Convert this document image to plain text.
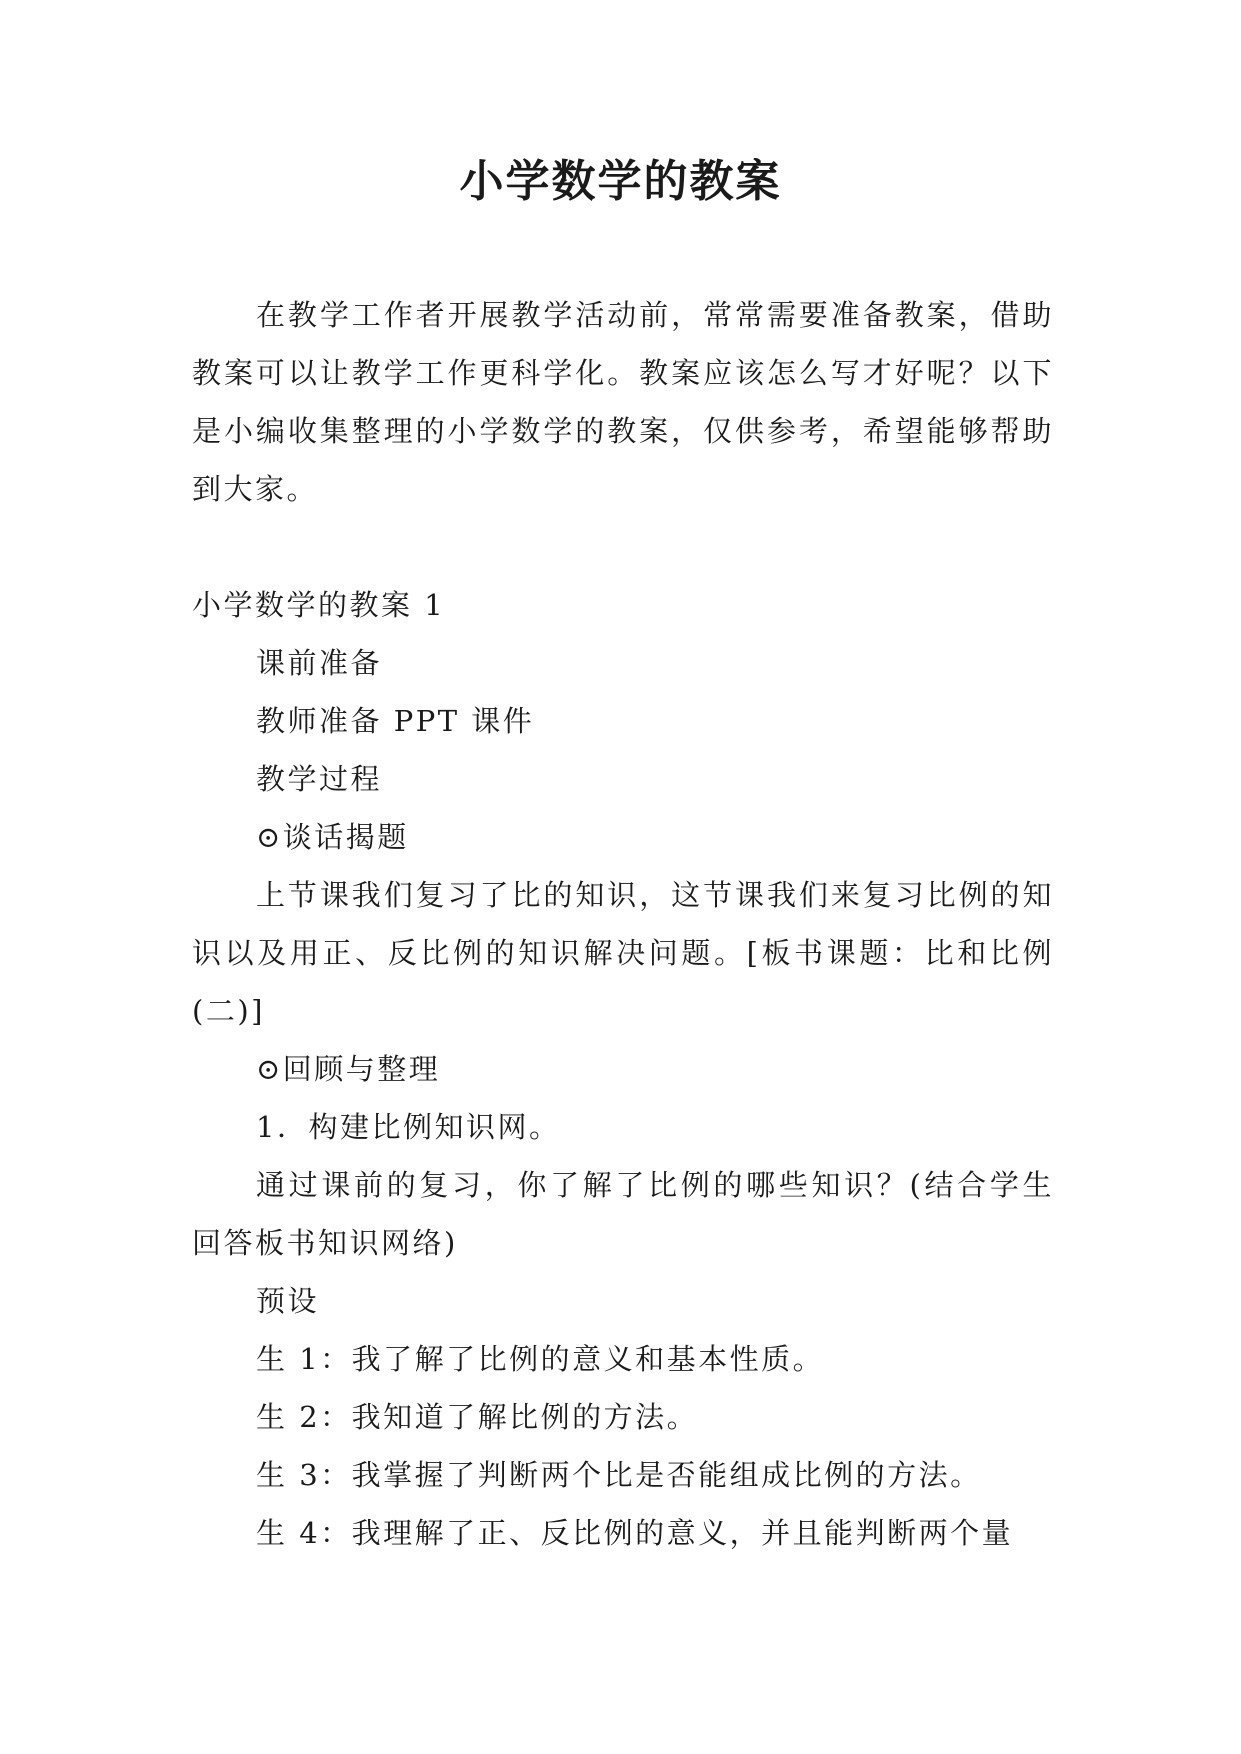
小学数学的教案

在教学工作者开展教学活动前，常常需要准备教案，借助教案可以让教学工作更科学化。教案应该怎么写才好呢？以下是小编收集整理的小学数学的教案，仅供参考，希望能够帮助到大家。

小学数学的教案 1

课前准备

教师准备 PPT 课件

教学过程

⊙谈话揭题

上节课我们复习了比的知识，这节课我们来复习比例的知识以及用正、反比例的知识解决问题。[板书课题：比和比例(二)]

⊙回顾与整理

1．构建比例知识网。

通过课前的复习，你了解了比例的哪些知识？(结合学生回答板书知识网络)

预设

生 1：我了解了比例的意义和基本性质。

生 2：我知道了解比例的方法。

生 3：我掌握了判断两个比是否能组成比例的方法。

生 4：我理解了正、反比例的意义，并且能判断两个量
